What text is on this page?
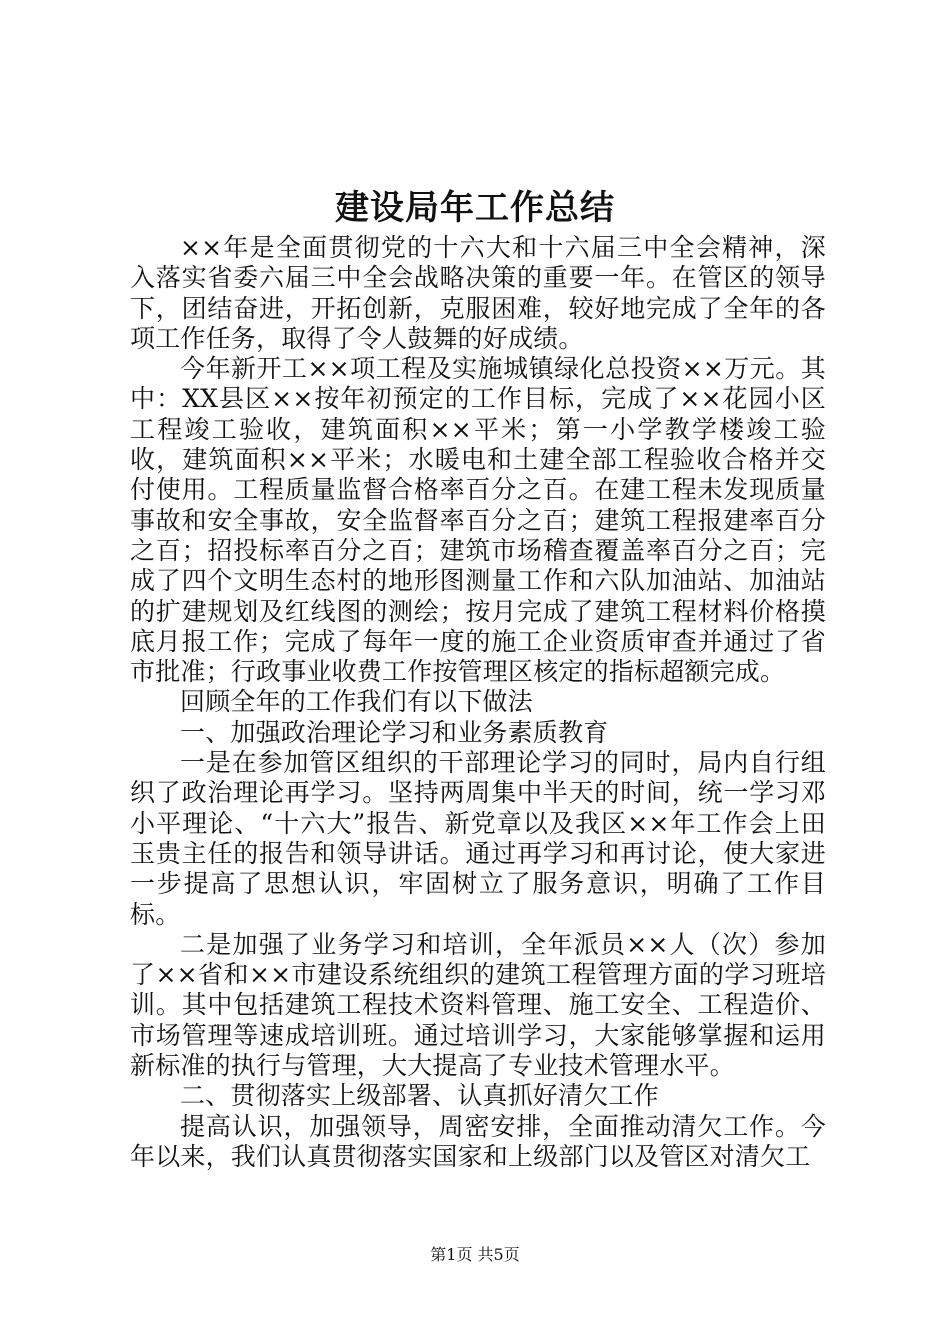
建设局年工作总结

××年是全面贯彻党的十六大和十六届三中全会精神，深入落实省委六届三中全会战略决策的重要一年。在管区的领导下，团结奋进，开拓创新，克服困难，较好地完成了全年的各项工作任务，取得了令人鼓舞的好成绩。

今年新开工××项工程及实施城镇绿化总投资××万元。其中：XX县区××按年初预定的工作目标，完成了××花园小区工程竣工验收，建筑面积××平米；第一小学教学楼竣工验收，建筑面积××平米；水暖电和土建全部工程验收合格并交付使用。工程质量监督合格率百分之百。在建工程未发现质量事故和安全事故，安全监督率百分之百；建筑工程报建率百分之百；招投标率百分之百；建筑市场稽查覆盖率百分之百；完成了四个文明生态村的地形图测量工作和六队加油站、加油站的扩建规划及红线图的测绘；按月完成了建筑工程材料价格摸底月报工作；完成了每年一度的施工企业资质审查并通过了省市批准；行政事业收费工作按管理区核定的指标超额完成。

回顾全年的工作我们有以下做法

一、加强政治理论学习和业务素质教育

一是在参加管区组织的干部理论学习的同时，局内自行组织了政治理论再学习。坚持两周集中半天的时间，统一学习邓小平理论、“十六大”报告、新党章以及我区××年工作会上田玉贵主任的报告和领导讲话。通过再学习和再讨论，使大家进一步提高了思想认识，牢固树立了服务意识，明确了工作目标。

二是加强了业务学习和培训，全年派员××人（次）参加了××省和××市建设系统组织的建筑工程管理方面的学习班培训。其中包括建筑工程技术资料管理、施工安全、工程造价、市场管理等速成培训班。通过培训学习，大家能够掌握和运用新标准的执行与管理，大大提高了专业技术管理水平。

二、贯彻落实上级部署、认真抓好清欠工作

提高认识，加强领导，周密安排，全面推动清欠工作。今年以来，我们认真贯彻落实国家和上级部门以及管区对清欠工

第1页 共5页
